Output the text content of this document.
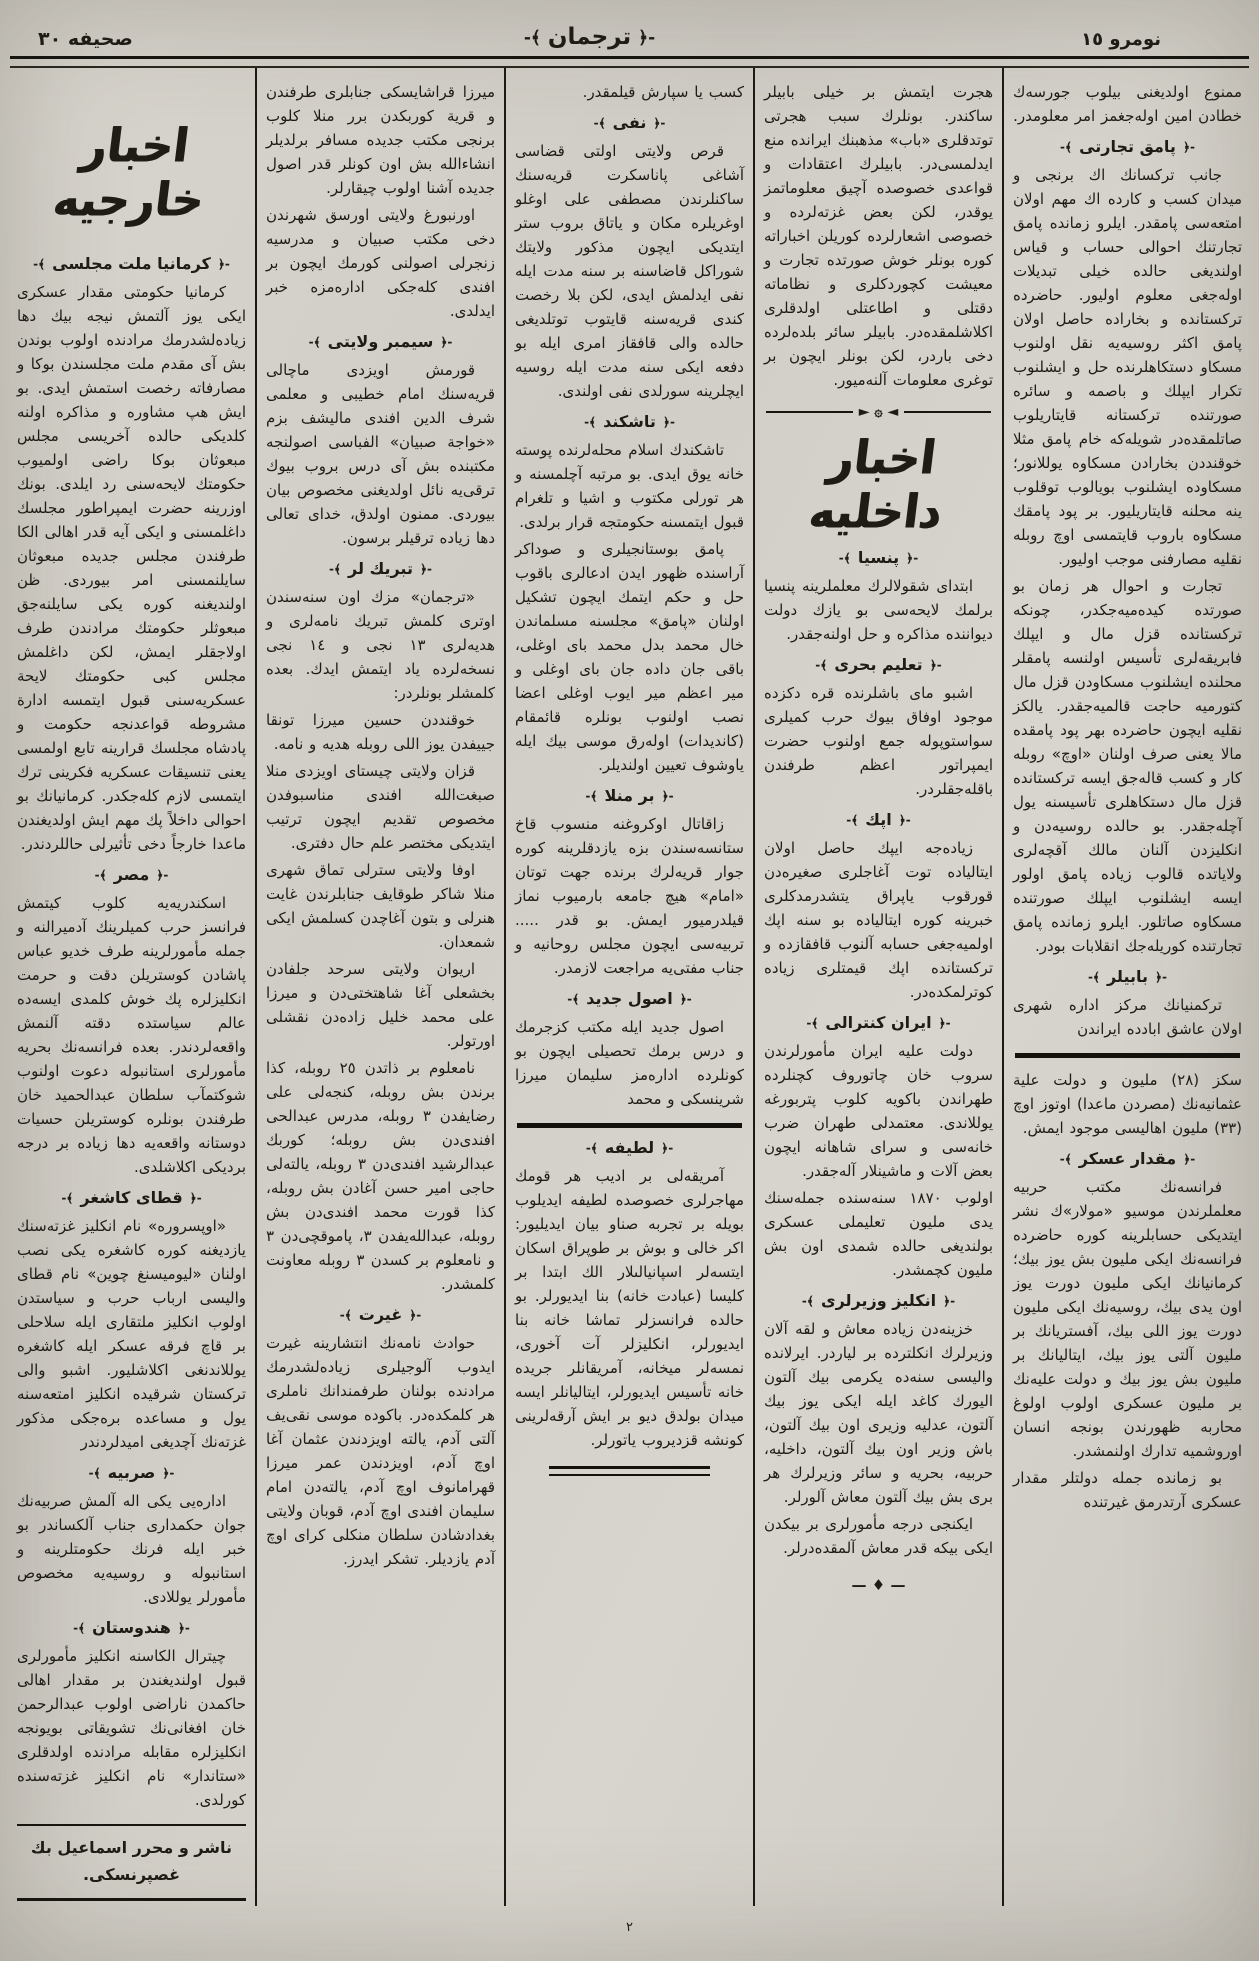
صحيفه ٣٠	-﴾ ترجمان ﴿-	نومرو ١٥

ممنوع اولديغنى بيلوب جورسه‌ك خطادن امين اوله‌جغمز امر معلومدر.

-﴾ پامق تجارتى ﴿-

جانب تركسانك اك برنجى و ميدان كسب و كارده اك مهم اولان امتعه‌سى پامقدر. ايلرو زمانده پامق تجارتنك احوالى حساب و قياس اولنديغى حالده خيلى تبديلات اوله‌جغى معلوم اوليور. حاضرده تركستانده و بخاراده حاصل اولان پامق اكثر روسيه‌يه نقل اولنوب مسكاو دستكاهلرنده حل و ايشلنوب تكرار ايپلك و باصمه و سائره صورتنده تركستانه قايتاريلوب صاتلمقده‌در شويله‌كه خام پامق مثلا خوقنددن بخارادن مسكاوه يوللانور؛ مسكاوده ايشلنوب بويالوب توقلوب ينه محلنه قايتاريليور. بر پود پامقك مسكاوه باروب قايتمسى اوچ روبله نقليه مصارفنى موجب اوليور.

تجارت و احوال هر زمان بو صورتده كيده‌ميه‌جكدر، چونكه تركستانده قزل مال و ايپلك فابريقه‌لرى تأسيس اولنسه پامقلر محلنده ايشلنوب مسكاودن قزل مال كتورميه حاجت قالميه‌جقدر. يالكز نقليه ايچون حاضرده بهر پود پامقده مالا يعنى صرف اولنان «اوچ» روبله كار و كسب قاله‌جق ايسه تركستانده قزل مال دستكاهلرى تأسيسنه يول آچله‌جقدر. بو حالده روسيه‌دن و انكليزدن آلنان مالك آقچه‌لرى ولاياتده قالوب زياده پامق اولور ايسه ايشلنوب ايپلك صورتنده مسكاوه صاتلور. ايلرو زمانده پامق تجارتنده كوريله‌جك انقلابات بودر.

-﴾ بابيلر ﴿-

تركمنيانك مركز اداره شهرى اولان عاشق ابادده ايراندن

سكز (٢٨) مليون و دولت علية عثمانيه‌نك (مصردن ماعدا) اوتوز اوچ (٣٣) مليون اهاليسى موجود ايمش.

-﴾ مقدار عسكر ﴿-

فرانسه‌نك مكتب حربيه معلملرندن موسيو «مولار»ك نشر ايتديكى حسابلرينه كوره حاضرده فرانسه‌نك ايكى مليون بش يوز بيك؛ كرمانيانك ايكى مليون دورت يوز اون يدى بيك، روسيه‌نك ايكى مليون دورت يوز اللى بيك، آفستريانك بر مليون آلتى يوز بيك، ايتاليانك بر مليون بش يوز بيك و دولت عليه‌نك بر مليون عسكرى اولوب اولوغ محاربه ظهورندن بونجه انسان اوروشميه تدارك اولنمشدر.

بو زمانده جمله دولتلر مقدار عسكرى آرتدرمق غيرتنده

هجرت ايتمش بر خيلى بابيلر ساكندر. بونلرك سبب هجرتى توتدقلرى «باب» مذهبنك ايرانده منع ايدلمسى‌در. بابيلرك اعتقادات و قواعدى خصوصده آچيق معلوماتمز يوقدر، لكن بعض غزته‌لرده و خصوصى اشعارلرده كوريلن اخباراته كوره بونلر خوش صورتده تجارت و معيشت كچوردكلرى و نظاماته دقتلى و اطاعتلى اولدقلرى اكلاشلمقده‌در. بابيلر سائر بلده‌لرده دخى باردر، لكن بونلر ايچون بر توغرى معلومات آلنه‌ميور.

◄ ۞ ►
اخبار داخليه
-﴾ پنسيا ﴿-

ابتداى شقولالرك معلملرينه پنسيا برلمك لايحه‌سى بو يازك دولت ديواننده مذاكره و حل اولنه‌جقدر.

-﴾ تعليم بحرى ﴿-

اشبو ماى باشلرنده قره دكزده موجود اوفاق بيوك حرب كميلرى سواستوپوله جمع اولنوب حضرت ايمپراتور اعظم طرفندن باقله‌جقلردر.

-﴾ اپك ﴿-

زياده‌جه ايپك حاصل اولان ايتالياده توت آغاجلرى صغيره‌دن قورقوب ياپراق يتشدرمدكلرى خبرينه كوره ايتالياده بو سنه اپك اولميه‌جغى حسابه آلنوب قافقازده و تركستانده اپك قيمتلرى زياده كوترلمكده‌در.

-﴾ ايران كنترالى ﴿-

دولت عليه ايران مأمورلرندن سروب خان چاتوروف كچنلرده طهراندن باكويه كلوب پتربورغه يوللاندى. معتمدلى طهران ضرب خانه‌سى و سراى شاهانه ايچون بعض آلات و ماشينلار آله‌جقدر.

اولوب ١٨٧٠ سنه‌سنده جمله‌سنك يدى مليون تعليملى عسكرى بولنديغى حالده شمدى اون بش مليون كچمشدر.

-﴾ انكليز وزيرلرى ﴿-

خزينه‌دن زياده معاش و لقه آلان وزيرلرك انكلترده بر لياردر. ايرلانده واليسى سنه‌ده يكرمى بيك آلتون اليورك كاغد ايله ايكى يوز بيك آلتون، عدليه وزيرى اون بيك آلتون، باش وزير اون بيك آلتون، داخليه، حربيه، بحريه و سائر وزيرلرك هر برى بش بيك آلتون معاش آلورلر.

ايكنجى درجه مأمورلرى بر بيكدن ايكى بيكه قدر معاش آلمقده‌درلر.

— ♦ —

كسب يا سپارش قيلمقدر.

-﴾ نفى ﴿-

قرص ولايتى اولتى قضاسى آشاغى پاناسكرت قريه‌سنك ساكنلرندن مصطفى على اوغلو اوغريلره مكان و ياتاق بروب ستر ايتديكى ايچون مذكور ولايتك شوراكل قاضاسنه بر سنه مدت ايله نفى ايدلمش ايدى، لكن بلا رخصت كندى قريه‌سنه قايتوب توتلديغى حالده والى قافقاز امرى ايله بو دفعه ايكى سنه مدت ايله روسيه ايچلرينه سورلدى نفى اولندى.

-﴾ تاشكند ﴿-

تاشكندك اسلام محله‌لرنده پوسته خانه يوق ايدى. بو مرتبه آچلمسنه و هر تورلى مكتوب و اشيا و تلغرام قبول ايتمسنه حكومتجه قرار برلدى.

پامق بوستانجيلرى و صوداكر آراسنده ظهور ايدن ادعالرى باقوب حل و حكم ايتمك ايچون تشكيل اولنان «پامق» مجلسنه مسلماندن خال محمد بدل محمد باى اوغلى، باقى جان داده جان باى اوغلى و مير اعظم مير ايوب اوغلى اعضا نصب اولنوب بونلره قائمقام (كانديدات) اوله‌رق موسى بيك ايله ياوشوف تعيين اولنديلر.

-﴾ بر منلا ﴿-

زاقاتال اوكروغنه منسوب قاخ ستانسه‌سندن بزه يازدقلرينه كوره جوار قريه‌لرك برنده جهت توتان «امام» هيچ جامعه بارميوب نماز قيلدرميور ايمش. بو قدر ..... تربيه‌سى ايچون مجلس روحانيه و جناب مفتى‌يه مراجعت لازمدر.

-﴾ اصول جديد ﴿-

اصول جديد ايله مكتب كزجرمك و درس برمك تحصيلى ايچون بو كونلرده اداره‌مز سليمان ميرزا شرينسكى و محمد

-﴾ لطيفه ﴿-

آمريقه‌لى بر اديب هر قومك مهاجرلرى خصوصده لطيفه ايديلوب بويله بر تجربه صناو بيان ايديليور: اكر خالى و بوش بر طوپراق اسكان ايتسه‌لر اسپانيالىلار الك ابتدا بر كليسا (عبادت خانه) بنا ايديورلر. بو حالده فرانسزلر تماشا خانه بنا ايديورلر، انكليزلر آت آخورى، نمسه‌لر ميخانه، آمريقانلر جريده خانه تأسيس ايديورلر، ايتاليانلر ايسه ميدان بولدق ديو بر ايش آرقه‌لرينى كونشه قزديروب ياتورلر.

ميرزا قراشايسكى جنابلرى طرفندن و قرية كوربكدن برر منلا كلوب برنجى مكتب جديده مسافر برلديلر انشاءالله بش اون كونلر قدر اصول جديده آشنا اولوب چيقارلر.

اورنبورغ ولايتى اورسق شهرندن دخى مكتب صبيان و مدرسيه زنجرلى اصولنى كورمك ايچون بر افندى كله‌جكى اداره‌مزه خبر ايدلدى.

-﴾ سيمبر ولايتى ﴿-

قورمش اويزدى ماچالى قريه‌سنك امام خطيبى و معلمى شرف الدين افندى ماليشف بزم «خواجة صبيان» الفباسى اصولنجه مكتبنده بش آى درس بروب بيوك ترقى‌يه نائل اولديغنى مخصوص بيان بيوردى. ممنون اولدق، خداى تعالى دها زياده ترقيلر برسون.

-﴾ تبريك لر ﴿-

«ترجمان» مزك اون سنه‌سندن اوترى كلمش تبريك نامه‌لرى و هديه‌لرى ١٣ نجى و ١٤ نجى نسخه‌لرده ياد ايتمش ايدك. بعده كلمشلر بونلردر:

خوقنددن حسين ميرزا تونقا جييفدن يوز اللى روبله هديه و نامه.

قزان ولايتى چيستاى اويزدى منلا صبغت‌الله افندى مناسبوفدن مخصوص تقديم ايچون ترتيب ايتديكى مختصر علم حال دفترى.

اوفا ولايتى سترلى تماق شهرى منلا شاكر طوقايف جنابلرندن غايت هنرلى و بتون آغاچدن كسلمش ايكى شمعدان.

اريوان ولايتى سرحد جلفادن بخشعلى آغا شاهتختى‌دن و ميرزا على محمد خليل زاده‌دن نقشلى اورتولر.

نامعلوم بر ذاتدن ٢٥ روبله، كذا برندن بش روبله، كنجه‌لى على رضايفدن ٣ روبله، مدرس عبدالحى افندى‌دن بش روبله؛ كوربك عبدالرشيد افندى‌دن ٣ روبله، يالته‌لى حاجى امير حسن آغادن بش روبله، كذا قورت محمد افندى‌دن بش روبله، عبدالله‌يفدن ٣، پاموقچى‌دن ٣ و نامعلوم بر كسدن ٣ روبله معاونت كلمشدر.

-﴾ غيرت ﴿-

حوادث نامه‌نك انتشارينه غيرت ايدوب آلوجيلرى زياده‌لشدرمك مرادنده بولنان طرفمندانك ناملرى هر كلمكده‌در. باكوده موسى نقى‌يف آلتى آدم، يالته اويزدندن عثمان آغا اوچ آدم، اويزدندن عمر ميرزا قهرامانوف اوچ آدم، يالته‌دن امام سليمان افندى اوچ آدم، قوبان ولايتى بغدادشادن سلطان منكلى كراى اوچ آدم يازديلر. تشكر ايدرز.

اخبار خارجيه
-﴾ كرمانيا ملت مجلسى ﴿-

كرمانيا حكومتى مقدار عسكرى ايكى يوز آلتمش نيجه بيك دها زياده‌لشدرمك مرادنده اولوب بوندن بش آى مقدم ملت مجلسندن بوكا و مصارفاته رخصت استمش ايدى. بو ايش هپ مشاوره و مذاكره اولنه كلديكى حالده آخريسى مجلس مبعوثان بوكا راضى اولميوب حكومتك لايحه‌سنى رد ايلدى. بونك اوزرينه حضرت ايمپراطور مجلسك داغلمسنى و ايكى آيه قدر اهالى الكا طرفندن مجلس جديده مبعوثان سايلنمسنى امر بيوردى. ظن اولنديغنه كوره يكى سايلنه‌جق مبعوثلر حكومتك مرادندن طرف اولاجقلر ايمش، لكن داغلمش مجلس كبى حكومتك لايحة عسكريه‌سنى قبول ايتمسه ادارة مشروطه قواعدنجه حكومت و پادشاه مجلسك قرارينه تابع اولمسى يعنى تنسيقات عسكريه فكرينى ترك ايتمسى لازم كله‌جكدر. كرمانيانك بو احوالى داخلاً پك مهم ايش اولديغندن ماعدا خارجاً دخى تأثيرلى حاللردندر.

-﴾ مصر ﴿-

اسكندريه‌يه كلوب كيتمش فرانسز حرب كميلرينك آدميرالنه و جمله مأمورلرينه طرف خديو عباس پاشادن كوستريلن دقت و حرمت انكليزلره پك خوش كلمدى ايسه‌ده عالم سياستده دقته آلنمش واقعه‌لردندر. بعده فرانسه‌نك بحريه مأمورلرى استانبوله دعوت اولنوب شوكتمآب سلطان عبدالحميد خان طرفندن بونلره كوستريلن حسيات دوستانه واقعه‌يه دها زياده بر درجه برديكى اكلاشلدى.

-﴾ قطاى كاشغر ﴿-

«اوپسروره» نام انكليز غزته‌سنك يازديغنه كوره كاشغره يكى نصب اولنان «ليوميسنغ چوين» نام قطاى واليسى ارباب حرب و سياستدن اولوب انكليز ملتقارى ايله سلاحلى بر قاچ فرقه عسكر ايله كاشغره يوللاندنغى اكلاشليور. اشبو والى تركستان شرقيده انكليز امتعه‌سنه يول و مساعده بره‌جكى مذكور غزته‌نك آچديغى اميدلردندر

-﴾ صربيه ﴿-

اداره‌يى يكى اله آلمش صربيه‌نك جوان حكمدارى جناب آلكساندر بو خبر ايله فرنك حكومتلرينه و استانبوله و روسيه‌يه مخصوص مأمورلر يوللادى.

-﴾ هندوستان ﴿-

چيترال الكاسنه انكليز مأمورلرى قبول اولنديغندن بر مقدار اهالى حاكمدن ناراضى اولوب عبدالرحمن خان افغانى‌نك تشويقاتى بويونجه انكليزلره مقابله مرادنده اولدقلرى «ستاندار» نام انكليز غزته‌سنده كورلدى.

ناشر و محرر اسماعيل بك غصپرنسكى.
٢
